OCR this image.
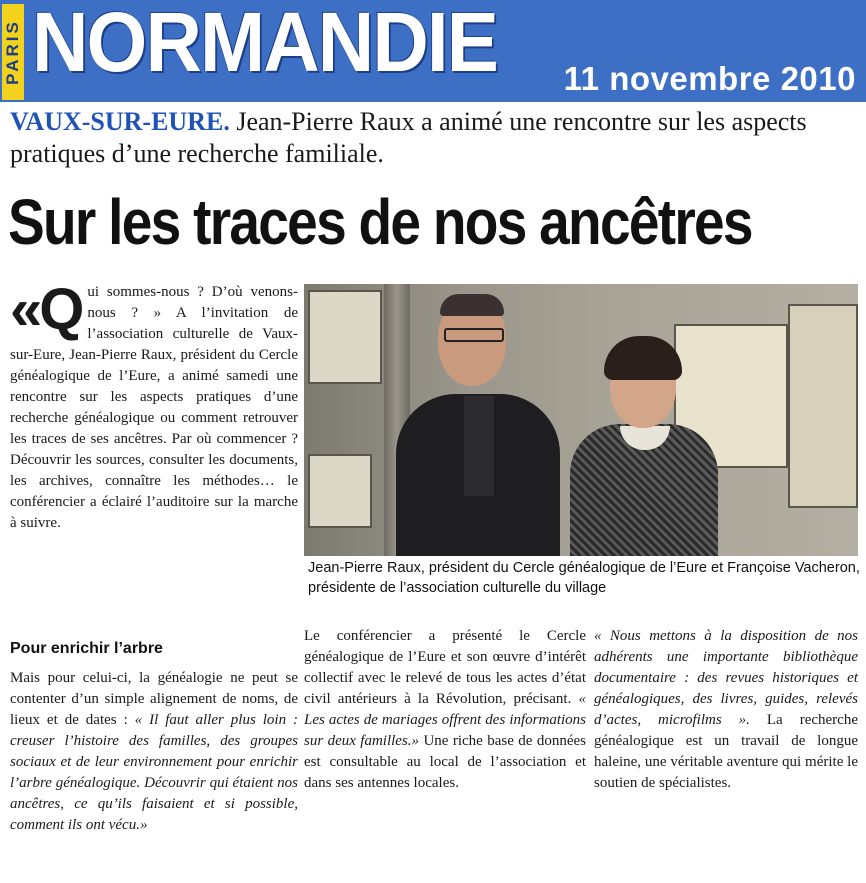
PARIS NORMANDIE 11 novembre 2010
VAUX-SUR-EURE. Jean-Pierre Raux a animé une rencontre sur les aspects pratiques d’une recherche familiale.
Sur les traces de nos ancêtres
«Qui sommes-nous ? D’où venons-nous ? » A l’invitation de l’association culturelle de Vaux-sur-Eure, Jean-Pierre Raux, président du Cercle généalogique de l’Eure, a animé samedi une rencontre sur les aspects pratiques d’une recherche généalogique ou comment retrouver les traces de ses ancêtres. Par où commencer ? Découvrir les sources, consulter les documents, les archives, connaître les méthodes… le conférencier a éclairé l’auditoire sur la marche à suivre.
Pour enrichir l’arbre
Mais pour celui-ci, la généalogie ne peut se contenter d’un simple alignement de noms, de lieux et de dates : « Il faut aller plus loin : creuser l’histoire des familles, des groupes sociaux et de leur environnement pour enrichir l’arbre généalogique. Découvrir qui étaient nos ancêtres, ce qu’ils faisaient et si possible, comment ils ont vécu.»
Jean-Pierre Raux, président du Cercle généalogique de l’Eure et Françoise Vacheron, présidente de l’association culturelle du village
Le conférencier a présenté le Cercle généalogique de l’Eure et son œuvre d’intérêt collectif avec le relevé de tous les actes d’état civil antérieurs à la Révolution, précisant. « Les actes de mariages offrent des informations sur deux familles.» Une riche base de données est consultable au local de l’association et dans ses antennes locales.
« Nous mettons à la disposition de nos adhérents une importante bibliothèque documentaire : des revues historiques et généalogiques, des livres, guides, relevés d’actes, microfilms ». La recherche généalogique est un travail de longue haleine, une véritable aventure qui mérite le soutien de spécialistes.
